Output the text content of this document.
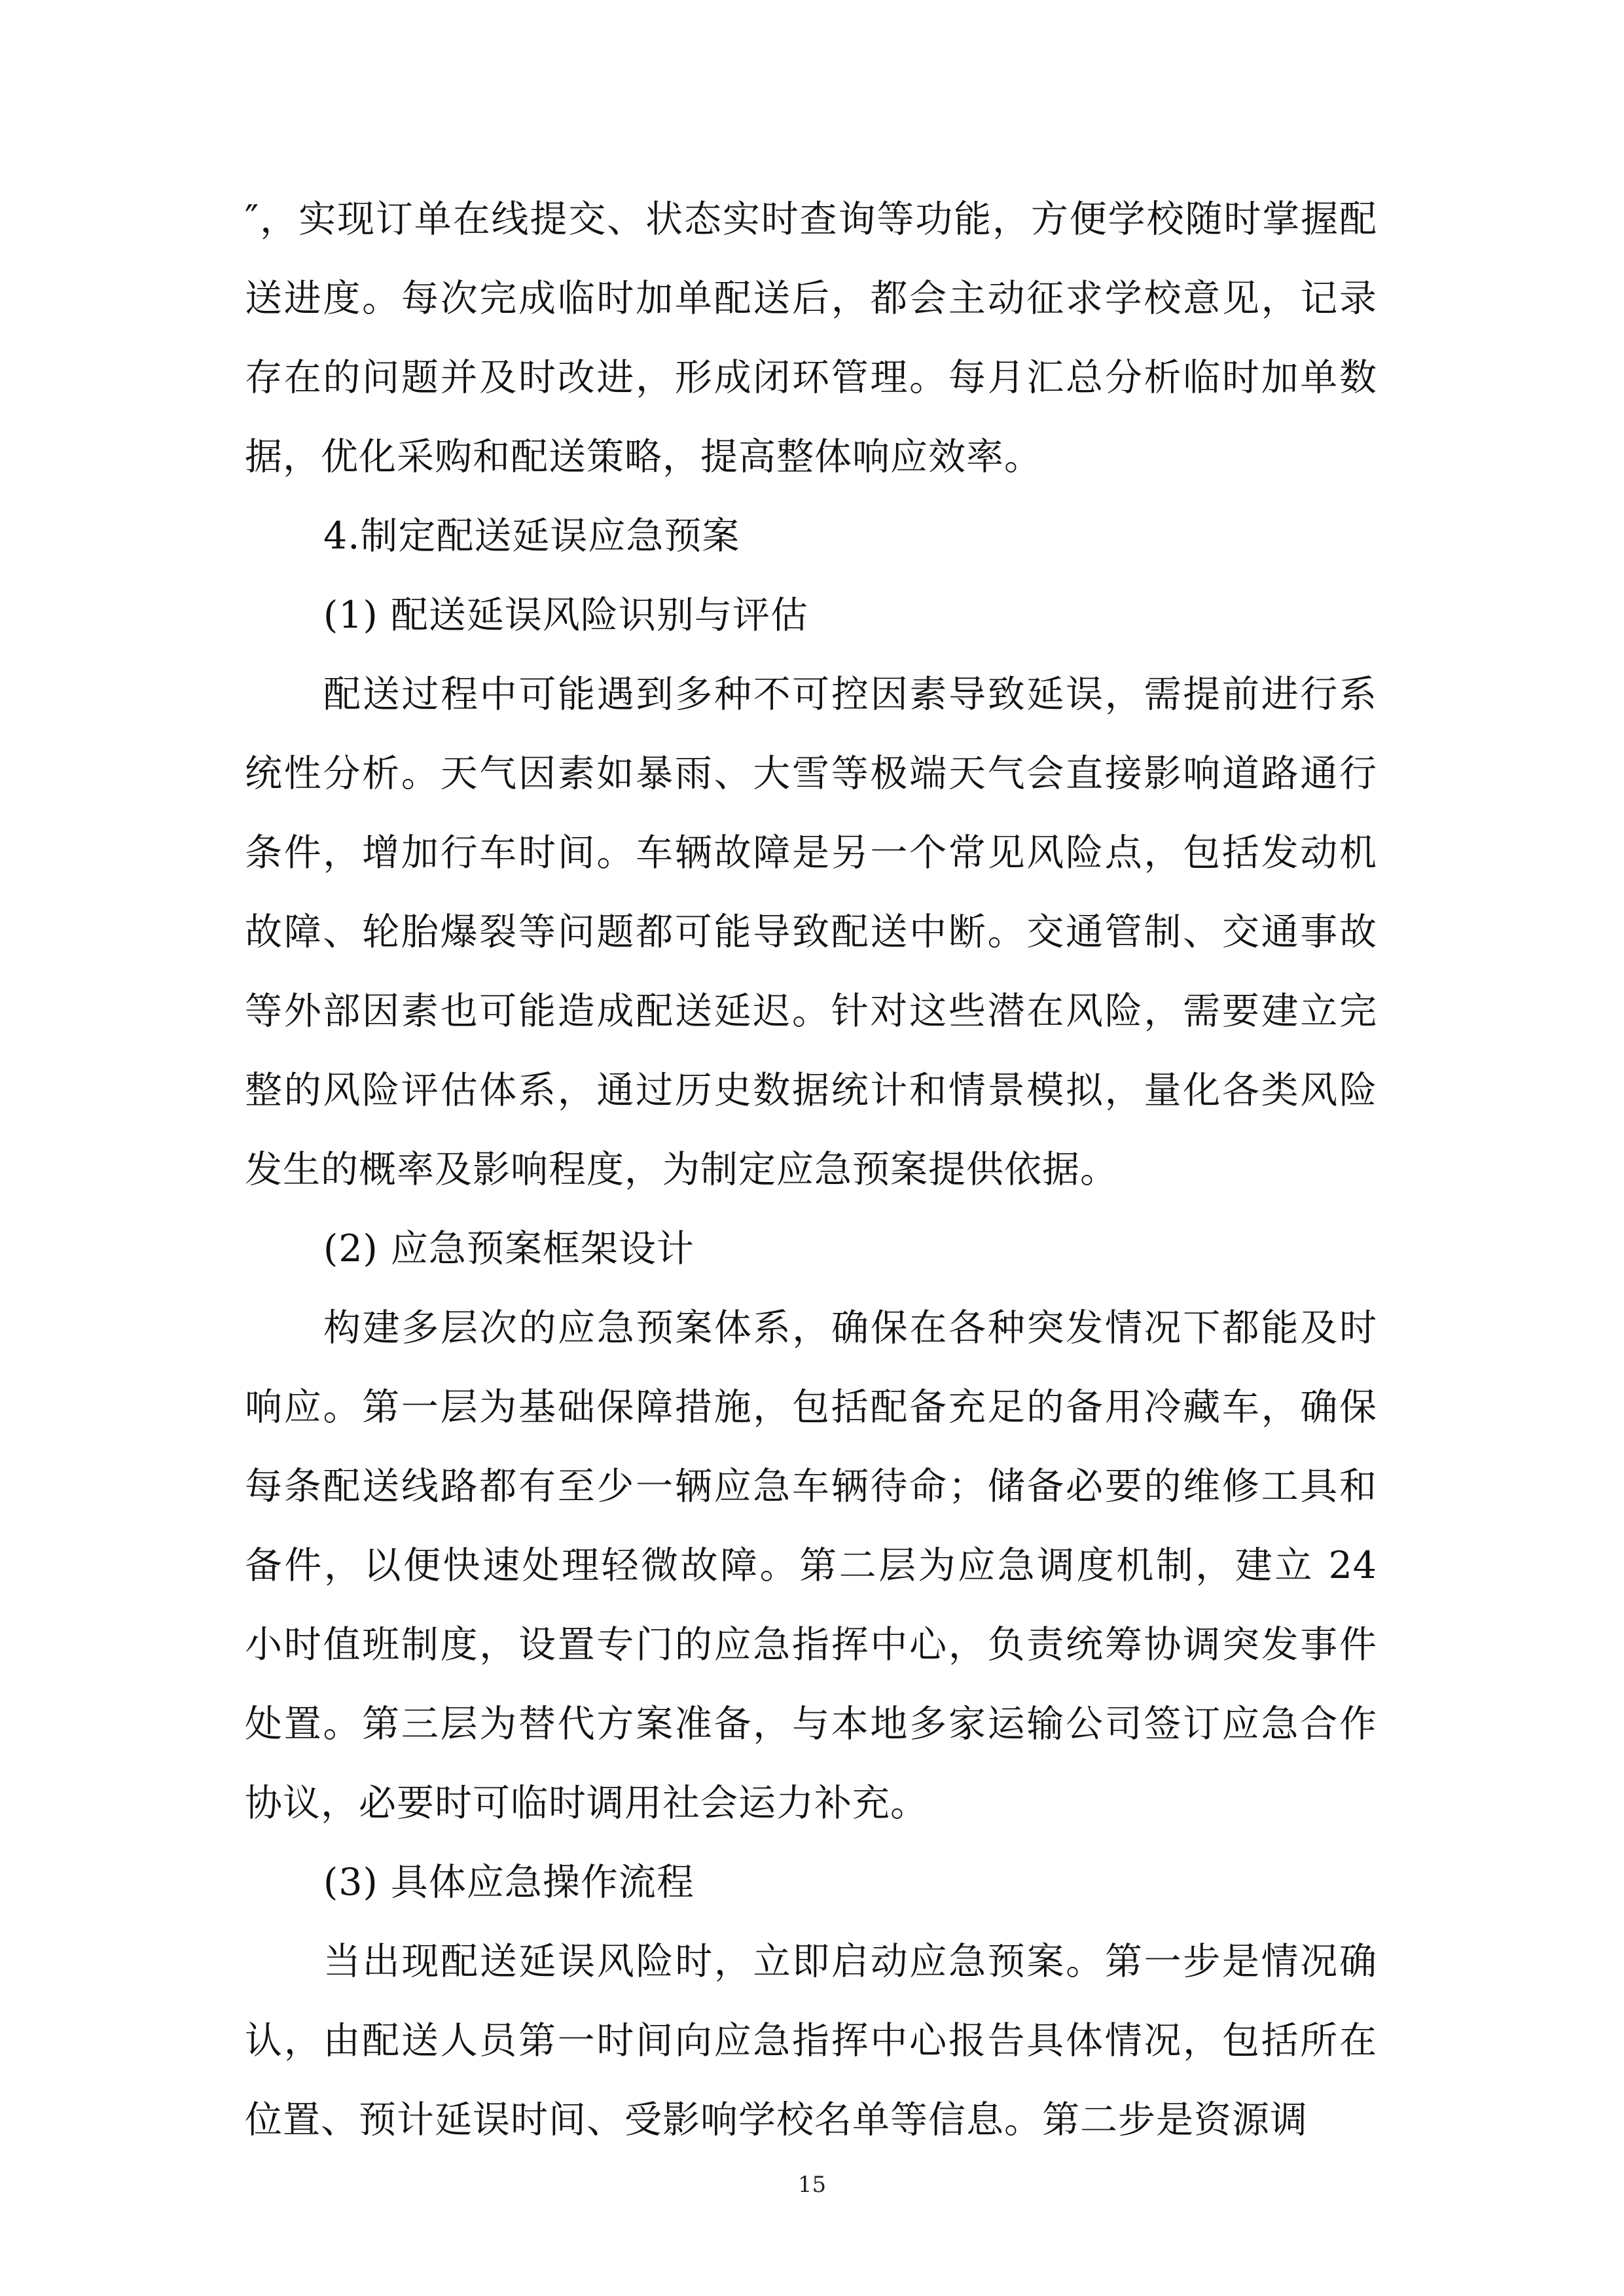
″，实现订单在线提交、状态实时查询等功能，方便学校随时掌握配送进度。每次完成临时加单配送后，都会主动征求学校意见，记录存在的问题并及时改进，形成闭环管理。每月汇总分析临时加单数据，优化采购和配送策略，提高整体响应效率。

4.制定配送延误应急预案

(1) 配送延误风险识别与评估

配送过程中可能遇到多种不可控因素导致延误，需提前进行系统性分析。天气因素如暴雨、大雪等极端天气会直接影响道路通行条件，增加行车时间。车辆故障是另一个常见风险点，包括发动机故障、轮胎爆裂等问题都可能导致配送中断。交通管制、交通事故等外部因素也可能造成配送延迟。针对这些潜在风险，需要建立完整的风险评估体系，通过历史数据统计和情景模拟，量化各类风险发生的概率及影响程度，为制定应急预案提供依据。

(2) 应急预案框架设计

构建多层次的应急预案体系，确保在各种突发情况下都能及时响应。第一层为基础保障措施，包括配备充足的备用冷藏车，确保每条配送线路都有至少一辆应急车辆待命；储备必要的维修工具和备件，以便快速处理轻微故障。第二层为应急调度机制，建立 24 小时值班制度，设置专门的应急指挥中心，负责统筹协调突发事件处置。第三层为替代方案准备，与本地多家运输公司签订应急合作协议，必要时可临时调用社会运力补充。

(3) 具体应急操作流程

当出现配送延误风险时，立即启动应急预案。第一步是情况确认，由配送人员第一时间向应急指挥中心报告具体情况，包括所在位置、预计延误时间、受影响学校名单等信息。第二步是资源调

15
